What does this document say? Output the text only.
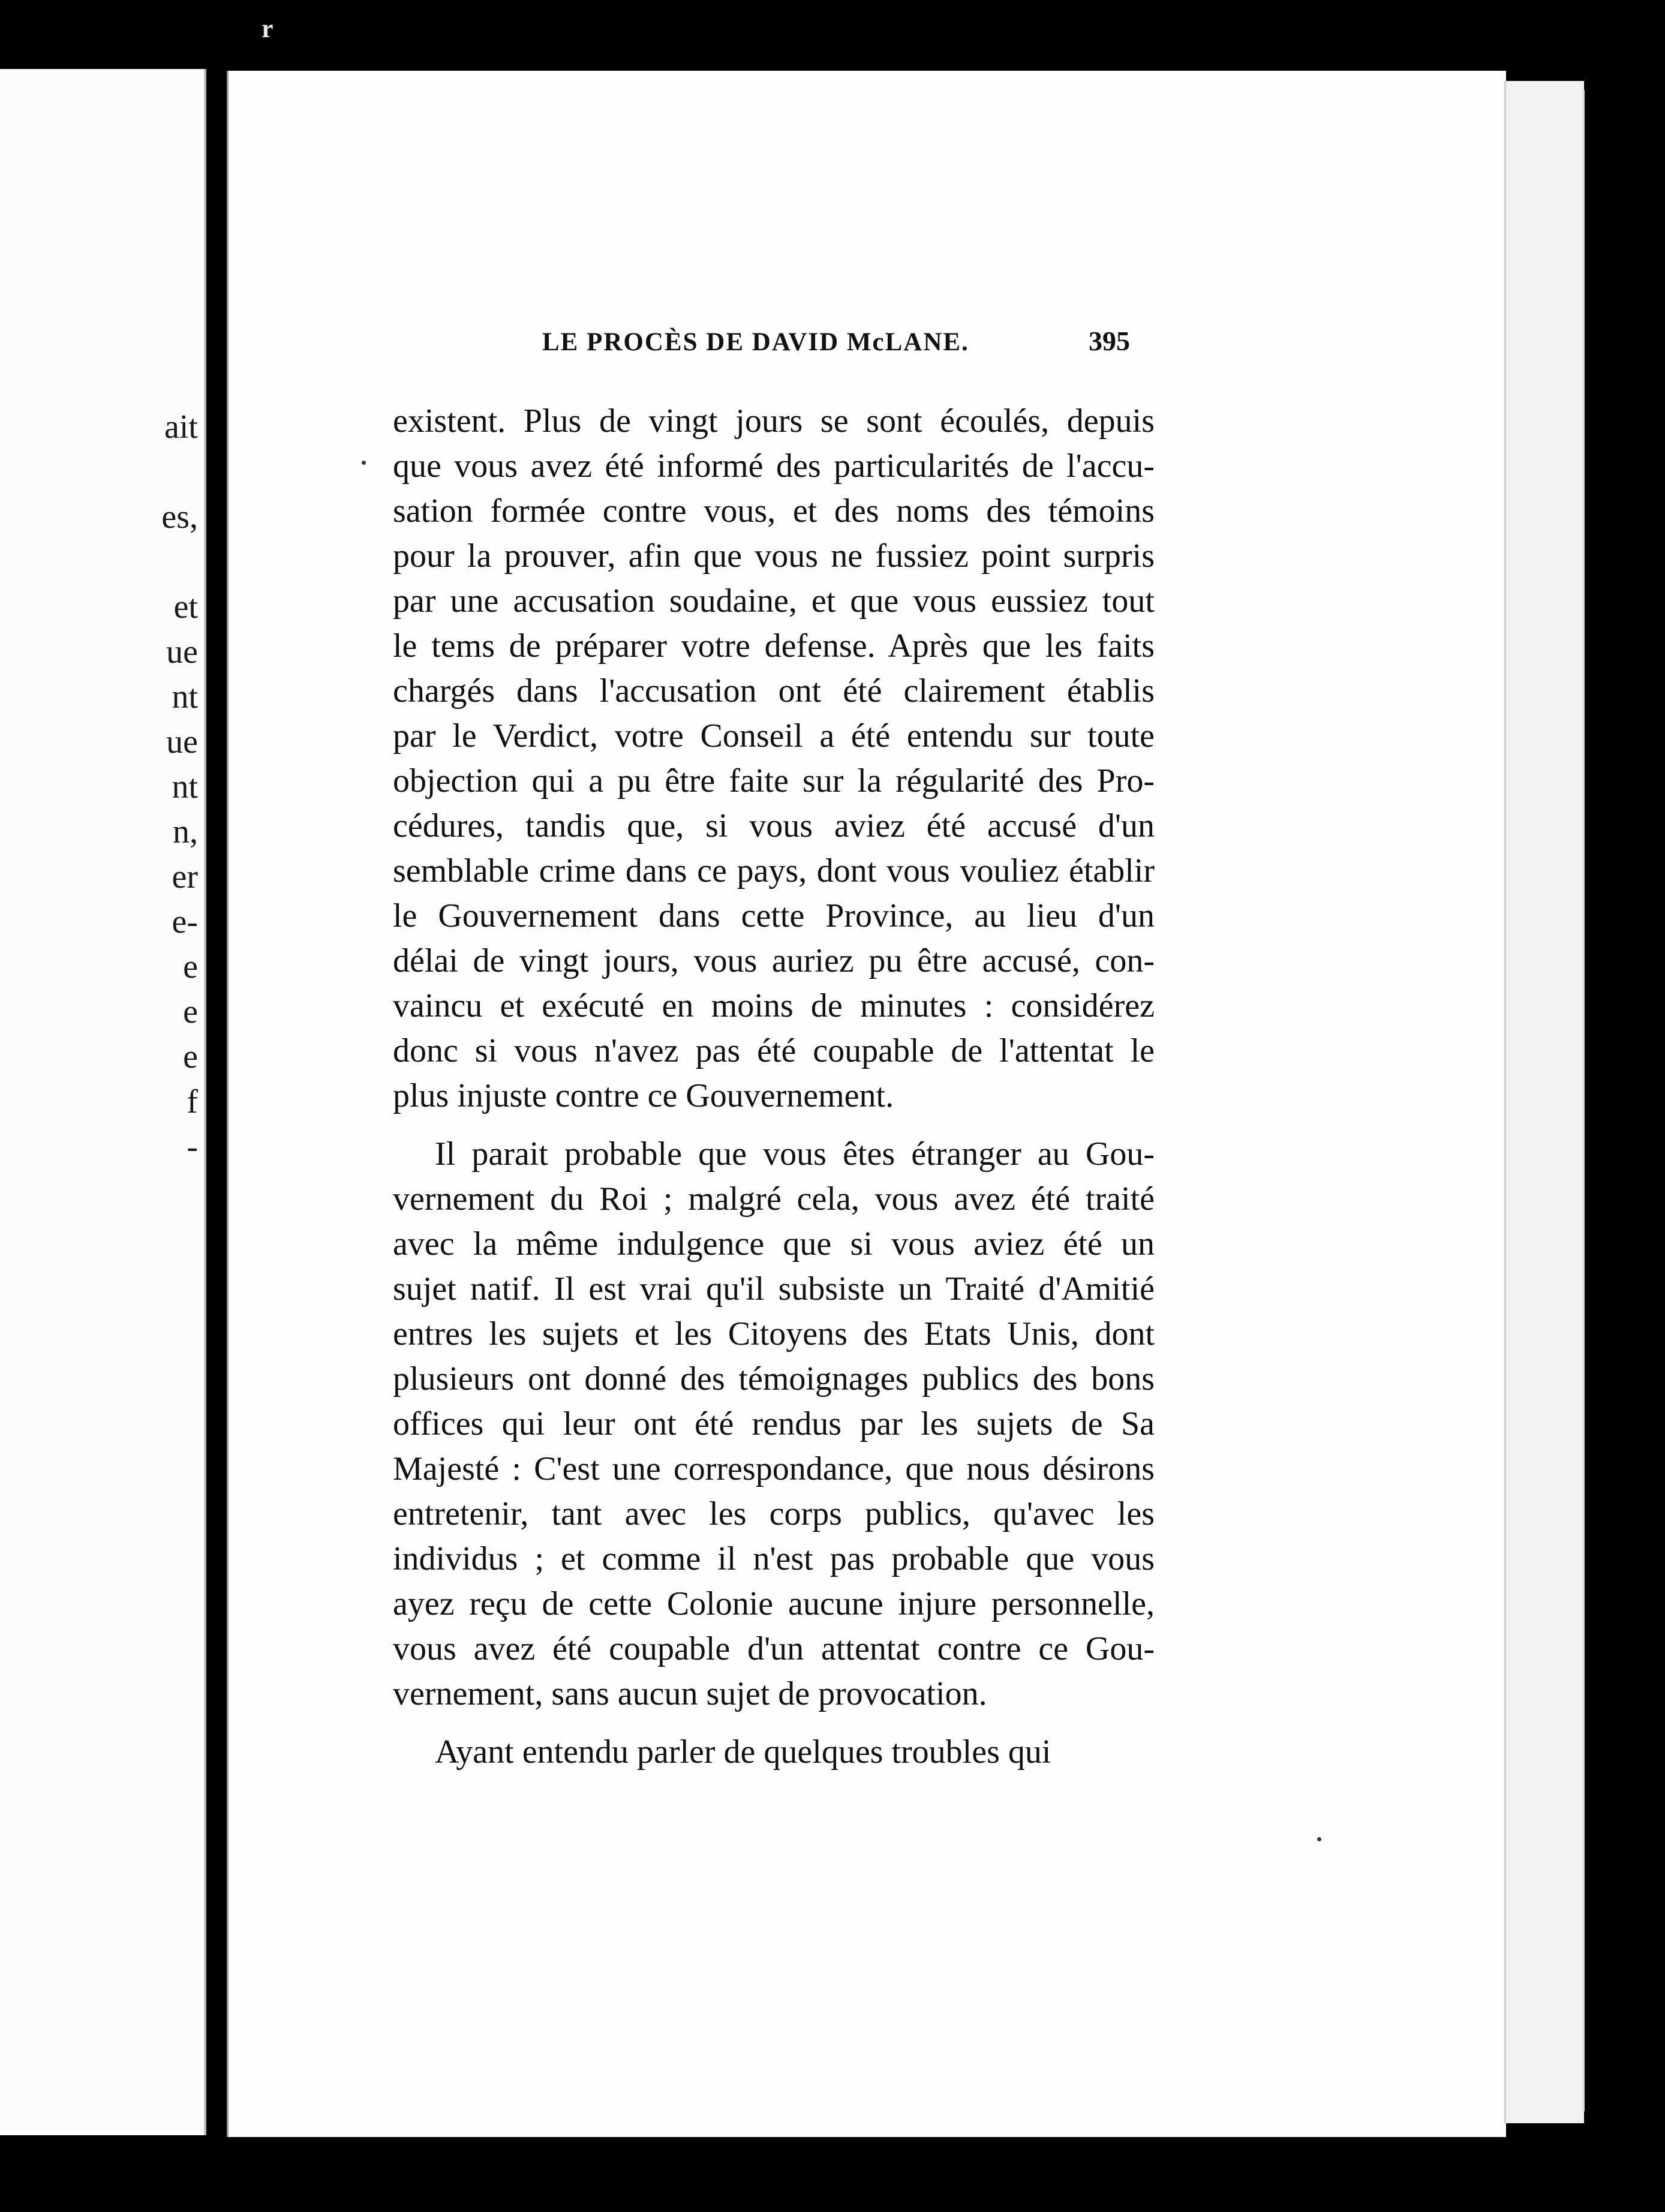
r
ait
es,
et
ue
nt
ue
nt
n,
er
e-
e
e
e
f
-
LE PROCÈS DE DAVID McLANE.	395
existent. Plus de vingt jours se sont écoulés, depuis
que vous avez été informé des particularités de l'accu-
sation formée contre vous, et des noms des témoins
pour la prouver, afin que vous ne fussiez point surpris
par une accusation soudaine, et que vous eussiez tout
le tems de préparer votre defense. Après que les faits
chargés dans l'accusation ont été clairement établis
par le Verdict, votre Conseil a été entendu sur toute
objection qui a pu être faite sur la régularité des Pro-
cédures, tandis que, si vous aviez été accusé d'un
semblable crime dans ce pays, dont vous vouliez établir
le Gouvernement dans cette Province, au lieu d'un
délai de vingt jours, vous auriez pu être accusé, con-
vaincu et exécuté en moins de minutes : considérez
donc si vous n'avez pas été coupable de l'attentat le
plus injuste contre ce Gouvernement.
Il parait probable que vous êtes étranger au Gou-
vernement du Roi ; malgré cela, vous avez été traité
avec la même indulgence que si vous aviez été un
sujet natif. Il est vrai qu'il subsiste un Traité d'Amitié
entres les sujets et les Citoyens des Etats Unis, dont
plusieurs ont donné des témoignages publics des bons
offices qui leur ont été rendus par les sujets de Sa
Majesté : C'est une correspondance, que nous désirons
entretenir, tant avec les corps publics, qu'avec les
individus ; et comme il n'est pas probable que vous
ayez reçu de cette Colonie aucune injure personnelle,
vous avez été coupable d'un attentat contre ce Gou-
vernement, sans aucun sujet de provocation.
Ayant entendu parler de quelques troubles qui
